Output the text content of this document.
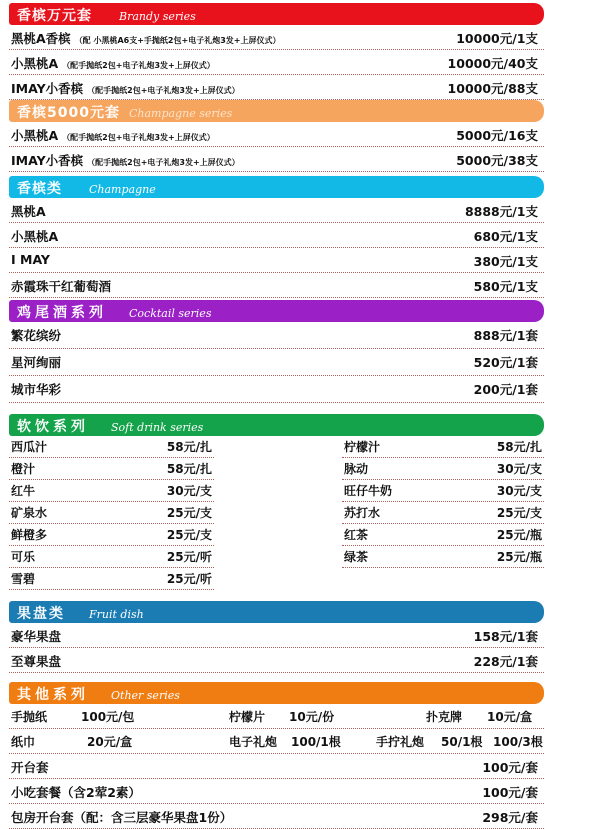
香槟万元套 Brandy series
黑桃A香槟 （配 小黑桃A6支+手抛纸2包+电子礼炮3发+上屏仪式）	10000元/1支
小黑桃A （配手抛纸2包+电子礼炮3发+上屏仪式）	10000元/40支
IMAY小香槟 （配手抛纸2包+电子礼炮3发+上屏仪式）	10000元/88支
香槟5000元套 Champagne series
小黑桃A （配手抛纸2包+电子礼炮3发+上屏仪式）	5000元/16支
IMAY小香槟 （配手抛纸2包+电子礼炮3发+上屏仪式）	5000元/38支
香槟类 Champagne
黑桃A	8888元/1支
小黑桃A	680元/1支
I MAY	380元/1支
赤霞珠干红葡萄酒	580元/1支
鸡尾酒系列 Cocktail series
繁花缤纷	888元/1套
星河绚丽	520元/1套
城市华彩	200元/1套
软饮系列 Soft drink series
西瓜汁	58元/扎
橙汁	58元/扎
红牛	30元/支
矿泉水	25元/支
鲜橙多	25元/支
可乐	25元/听
雪碧	25元/听
柠檬汁	58元/扎
脉动	30元/支
旺仔牛奶	30元/支
苏打水	25元/支
红茶	25元/瓶
绿茶	25元/瓶
果盘类 Fruit dish
豪华果盘	158元/1套
至尊果盘	228元/1套
其他系列 Other series
手抛纸	100元/包	柠檬片 10元/份	扑克牌 10元/盒
纸巾	20元/盒	电子礼炮 100/1根	手拧礼炮 50/1根 100/3根
开台套	100元/套
小吃套餐（含2荤2素）	100元/套
包房开台套（配：含三层豪华果盘1份）	298元/套
